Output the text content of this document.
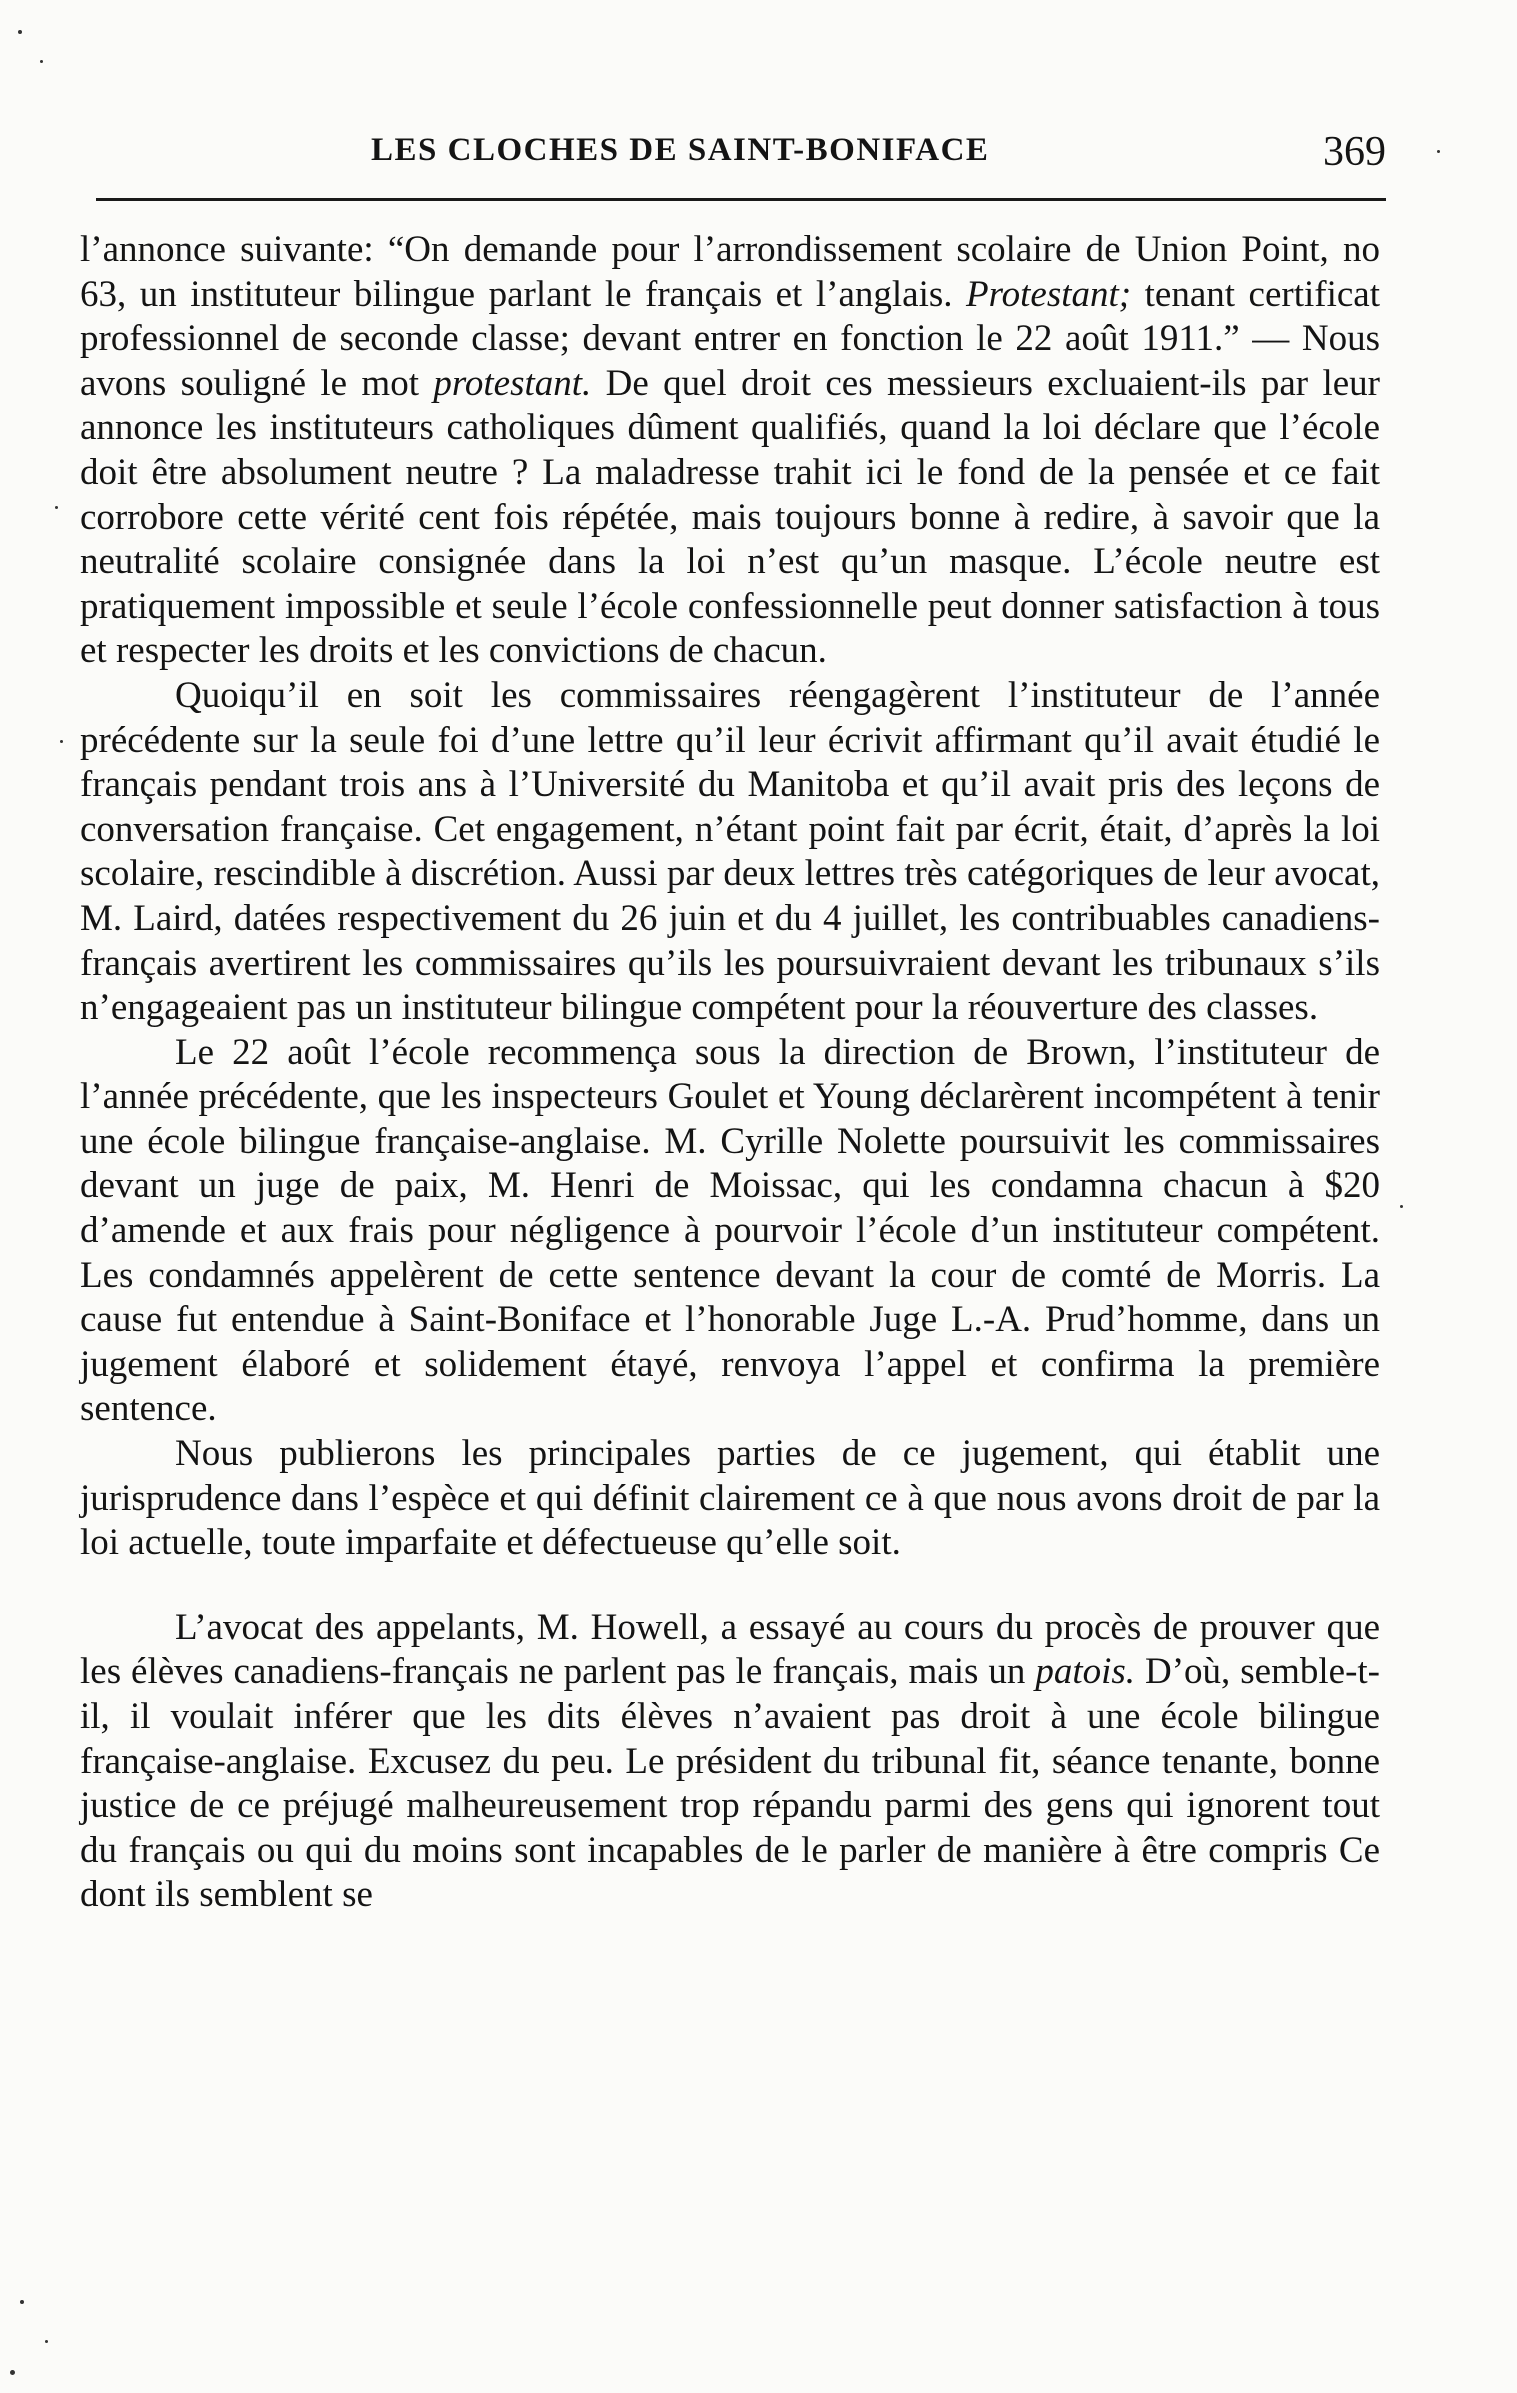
LES CLOCHES DE SAINT-BONIFACE	369

l’annonce suivante: “On demande pour l’arrondissement scolaire de Union Point, no 63, un instituteur bilingue parlant le français et l’anglais. Protestant; tenant certificat professionnel de seconde classe; devant entrer en fonction le 22 août 1911.” — Nous avons souligné le mot protestant. De quel droit ces messieurs excluaient-ils par leur annonce les instituteurs catholiques dûment qualifiés, quand la loi déclare que l’école doit être absolument neutre ? La maladresse trahit ici le fond de la pensée et ce fait corrobore cette vérité cent fois répétée, mais toujours bonne à redire, à savoir que la neutralité scolaire consignée dans la loi n’est qu’un masque. L’école neutre est pratiquement impossible et seule l’école confessionnelle peut donner satisfaction à tous et respecter les droits et les convictions de chacun.

Quoiqu’il en soit les commissaires réengagèrent l’instituteur de l’année précédente sur la seule foi d’une lettre qu’il leur écrivit affirmant qu’il avait étudié le français pendant trois ans à l’Université du Manitoba et qu’il avait pris des leçons de conversation française. Cet engagement, n’étant point fait par écrit, était, d’après la loi scolaire, rescindible à discrétion. Aussi par deux lettres très catégoriques de leur avocat, M. Laird, datées respectivement du 26 juin et du 4 juillet, les contribuables canadiens-français avertirent les commissaires qu’ils les poursuivraient devant les tribunaux s’ils n’engageaient pas un instituteur bilingue compétent pour la réouverture des classes.

Le 22 août l’école recommença sous la direction de Brown, l’instituteur de l’année précédente, que les inspecteurs Goulet et Young déclarèrent incompétent à tenir une école bilingue française-anglaise. M. Cyrille Nolette poursuivit les commissaires devant un juge de paix, M. Henri de Moissac, qui les condamna chacun à $20 d’amende et aux frais pour négligence à pourvoir l’école d’un instituteur compétent. Les condamnés appelèrent de cette sentence devant la cour de comté de Morris. La cause fut entendue à Saint-Boniface et l’honorable Juge L.-A. Prud’homme, dans un jugement élaboré et solidement étayé, renvoya l’appel et confirma la première sentence.

Nous publierons les principales parties de ce jugement, qui établit une jurisprudence dans l’espèce et qui définit clairement ce à que nous avons droit de par la loi actuelle, toute imparfaite et défectueuse qu’elle soit.

L’avocat des appelants, M. Howell, a essayé au cours du procès de prouver que les élèves canadiens-français ne parlent pas le français, mais un patois. D’où, semble-t-il, il voulait inférer que les dits élèves n’avaient pas droit à une école bilingue française-anglaise. Excusez du peu. Le président du tribunal fit, séance tenante, bonne justice de ce préjugé malheureusement trop répandu parmi des gens qui ignorent tout du français ou qui du moins sont incapables de le parler de manière à être compris Ce dont ils semblent se
